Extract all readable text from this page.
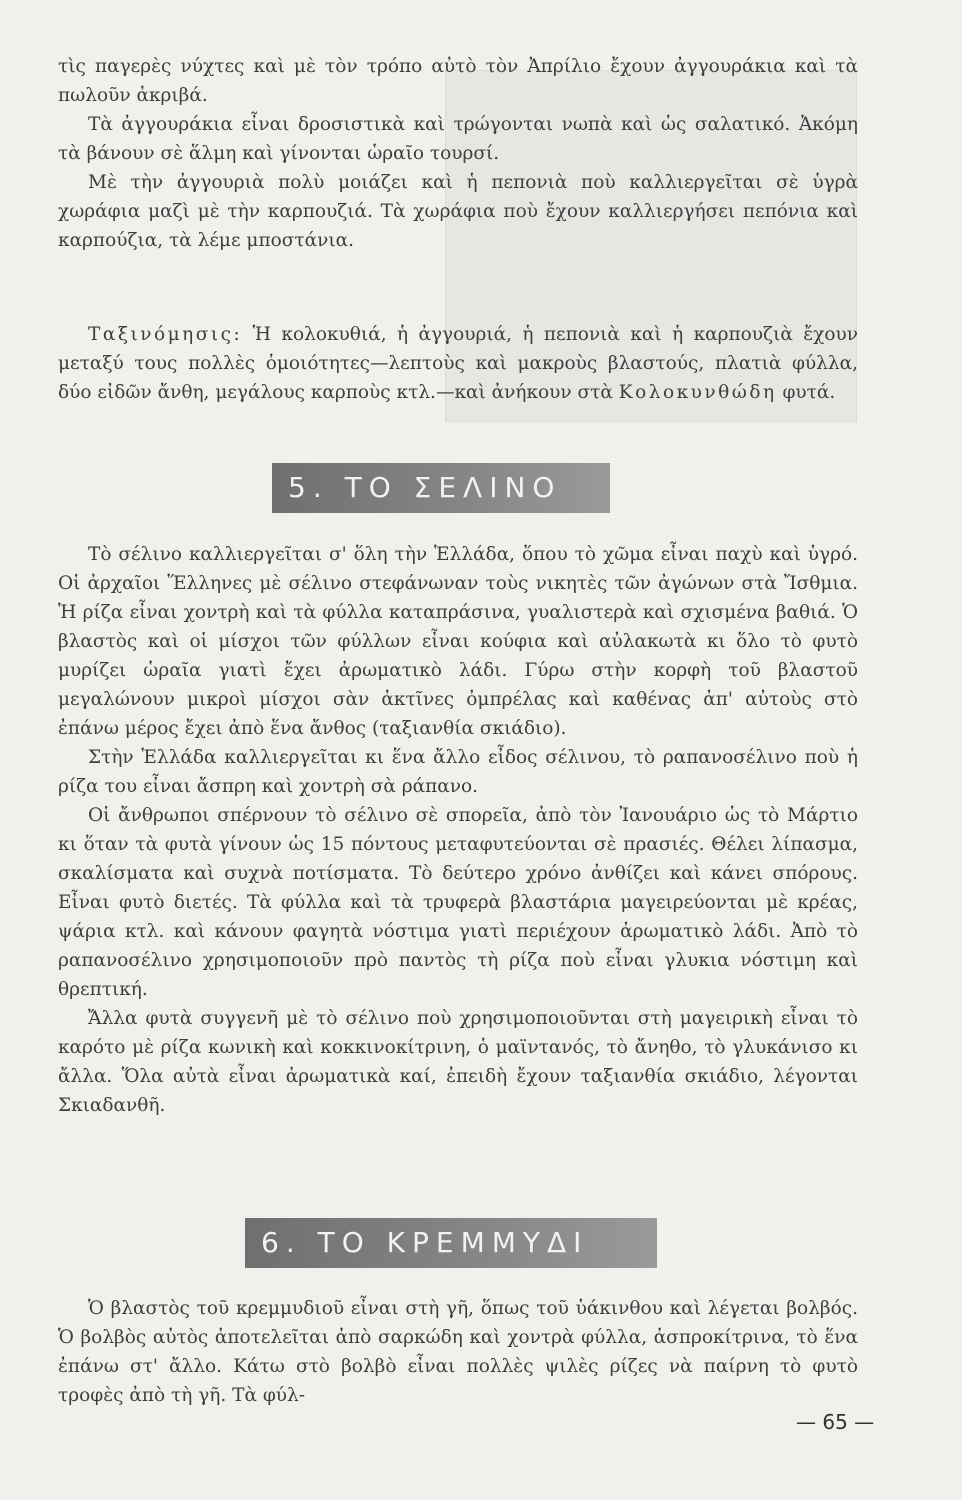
τὶς παγερὲς νύχτες καὶ μὲ τὸν τρόπο αὐτὸ τὸν Ἀπρίλιο ἔχουν ἀγγουράκια καὶ τὰ πωλοῦν ἀκριβά.

Τὰ ἀγγουράκια εἶναι δροσιστικὰ καὶ τρώγονται νωπὰ καὶ ὡς σαλατικό. Ἀκόμη τὰ βάνουν σὲ ἅλμη καὶ γίνονται ὡραῖο τουρσί.

Μὲ τὴν ἀγγουριὰ πολὺ μοιάζει καὶ ἡ πεπονιὰ ποὺ καλλιεργεῖται σὲ ὑγρὰ χωράφια μαζὶ μὲ τὴν καρπουζιά. Τὰ χωράφια ποὺ ἔχουν καλλιεργήσει πεπόνια καὶ καρπούζια, τὰ λέμε μποστάνια.

Ταξινόμησις: Ἡ κολοκυθιά, ἡ ἀγγουριά, ἡ πεπονιὰ καὶ ἡ καρπουζιὰ ἔχουν μεταξύ τους πολλὲς ὁμοιότητες—λεπτοὺς καὶ μακροὺς βλαστούς, πλατιὰ φύλλα, δύο εἰδῶν ἄνθη, μεγάλους καρποὺς κτλ.—καὶ ἀνήκουν στὰ Κολοκυνθώδη φυτά.

5. ΤΟ ΣΕΛΙΝΟ

Τὸ σέλινο καλλιεργεῖται σ' ὅλη τὴν Ἑλλάδα, ὅπου τὸ χῶμα εἶναι παχὺ καὶ ὑγρό. Οἱ ἀρχαῖοι Ἕλληνες μὲ σέλινο στεφάνωναν τοὺς νικητὲς τῶν ἀγώνων στὰ Ἴσθμια. Ἡ ρίζα εἶναι χοντρὴ καὶ τὰ φύλλα καταπράσινα, γυαλιστερὰ καὶ σχισμένα βαθιά. Ὁ βλαστὸς καὶ οἱ μίσχοι τῶν φύλλων εἶναι κούφια καὶ αὐλακωτὰ κι ὅλο τὸ φυτὸ μυρίζει ὡραῖα γιατὶ ἔχει ἀρωματικὸ λάδι. Γύρω στὴν κορφὴ τοῦ βλαστοῦ μεγαλώνουν μικροὶ μίσχοι σὰν ἀκτῖνες ὀμπρέλας καὶ καθένας ἀπ' αὐτοὺς στὸ ἐπάνω μέρος ἔχει ἀπὸ ἕνα ἄνθος (ταξιανθία σκιάδιο).

Στὴν Ἑλλάδα καλλιεργεῖται κι ἕνα ἄλλο εἶδος σέλινου, τὸ ραπανοσέλινο ποὺ ἡ ρίζα του εἶναι ἄσπρη καὶ χοντρὴ σὰ ράπανο.

Οἱ ἄνθρωποι σπέρνουν τὸ σέλινο σὲ σπορεῖα, ἀπὸ τὸν Ἰανουάριο ὡς τὸ Μάρτιο κι ὅταν τὰ φυτὰ γίνουν ὡς 15 πόντους μεταφυτεύονται σὲ πρασιές. Θέλει λίπασμα, σκαλίσματα καὶ συχνὰ ποτίσματα. Τὸ δεύτερο χρόνο ἀνθίζει καὶ κάνει σπόρους. Εἶναι φυτὸ διετές. Τὰ φύλλα καὶ τὰ τρυφερὰ βλαστάρια μαγειρεύονται μὲ κρέας, ψάρια κτλ. καὶ κάνουν φαγητὰ νόστιμα γιατὶ περιέχουν ἀρωματικὸ λάδι. Ἀπὸ τὸ ραπανοσέλινο χρησιμοποιοῦν πρὸ παντὸς τὴ ρίζα ποὺ εἶναι γλυκια νόστιμη καὶ θρεπτική.

Ἄλλα φυτὰ συγγενῆ μὲ τὸ σέλινο ποὺ χρησιμοποιοῦνται στὴ μαγειρικὴ εἶναι τὸ καρότο μὲ ρίζα κωνικὴ καὶ κοκκινοκίτρινη, ὁ μαϊντανός, τὸ ἄνηθο, τὸ γλυκάνισο κι ἄλλα. Ὅλα αὐτὰ εἶναι ἀρωματικὰ καί, ἐπειδὴ ἔχουν ταξιανθία σκιάδιο, λέγονται Σκιαδανθῆ.

6. ΤΟ ΚΡΕΜΜΥΔΙ

Ὁ βλαστὸς τοῦ κρεμμυδιοῦ εἶναι στὴ γῆ, ὅπως τοῦ ὑάκινθου καὶ λέγεται βολβός. Ὁ βολβὸς αὐτὸς ἀποτελεῖται ἀπὸ σαρκώδη καὶ χοντρὰ φύλλα, ἀσπροκίτρινα, τὸ ἕνα ἐπάνω στ' ἄλλο. Κάτω στὸ βολβὸ εἶναι πολλὲς ψιλὲς ρίζες νὰ παίρνη τὸ φυτὸ τροφὲς ἀπὸ τὴ γῆ. Τὰ φύλ-

— 65 —
